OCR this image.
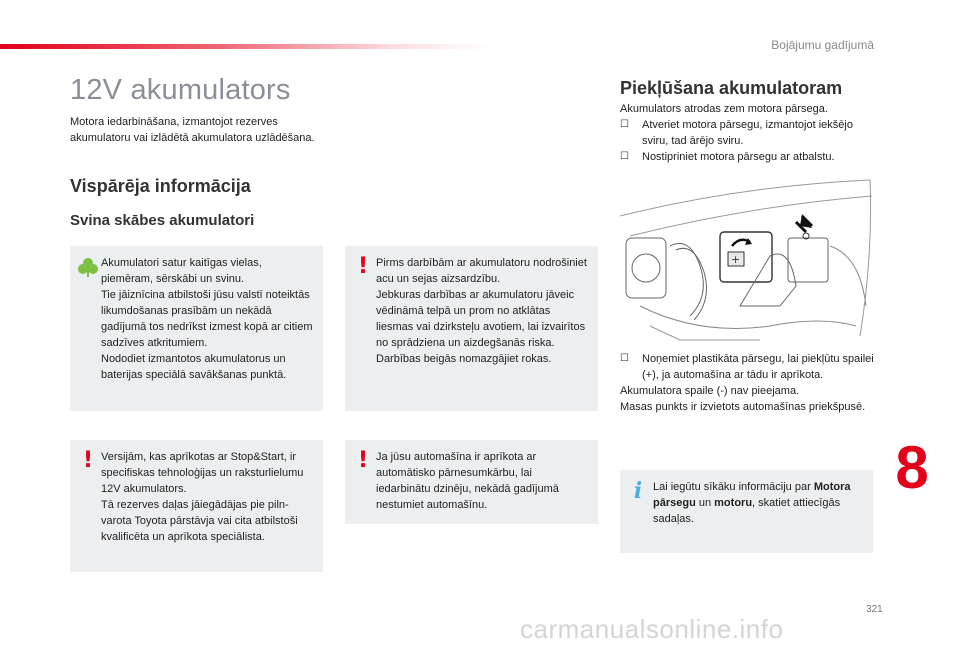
Bojājumu gadījumā
12V akumulators

Motora iedarbināšana, izmantojot rezerves akumulatoru vai izlādētā akumulatora uzlādēšana.

Vispārēja informācija
Svina skābes akumulatori
Akumulatori satur kaitīgas vielas, piemēram, sērskābi un svinu.
Tie jāiznīcina atbilstoši jūsu valstī noteiktās likumdošanas prasībām un nekādā gadījumā tos nedrīkst izmest kopā ar citiem sadzīves atkritumiem.
Nododiet izmantotos akumulatorus un baterijas speciālā savākšanas punktā.
! Pirms darbībām ar akumulatoru nodrošiniet acu un sejas aizsardzību.
Jebkuras darbības ar akumulatoru jāveic vēdināmā telpā un prom no atklātas liesmas vai dzirksteļu avotiem, lai izvairītos no sprādziena un aizdegšanās riska.
Darbības beigās nomazgājiet rokas.
! Versijām, kas aprīkotas ar Stop&Start, ir specifiskas tehnoloģijas un raksturlielumu 12V akumulators.
Tā rezerves daļas jāiegādājas pie piln-varota Toyota pārstāvja vai cita atbilstoši kvalificēta un aprīkota speciālista.
! Ja jūsu automašīna ir aprīkota ar automātisko pārnesumkārbu, lai iedarbinātu dzinēju, nekādā gadījumā nestumiet automašīnu.
Piekļūšana akumulatoram

Akumulators atrodas zem motora pārsega.

☐ Atveriet motora pārsegu, izmantojot iekšējo sviru, tad ārējo sviru.
☐ Nostipriniet motora pārsegu ar atbalstu.
+
☐ Noņemiet plastikāta pārsegu, lai piekļūtu spailei (+), ja automašīna ar tādu ir aprīkota.

Akumulatora spaile (-) nav pieejama.

Masas punkts ir izvietots automašīnas priekšpusē.

i Lai iegūtu sīkāku informāciju par Motora pārsegu un motoru, skatiet attiecīgās sadaļas.
8
321
carmanualsonline.info
